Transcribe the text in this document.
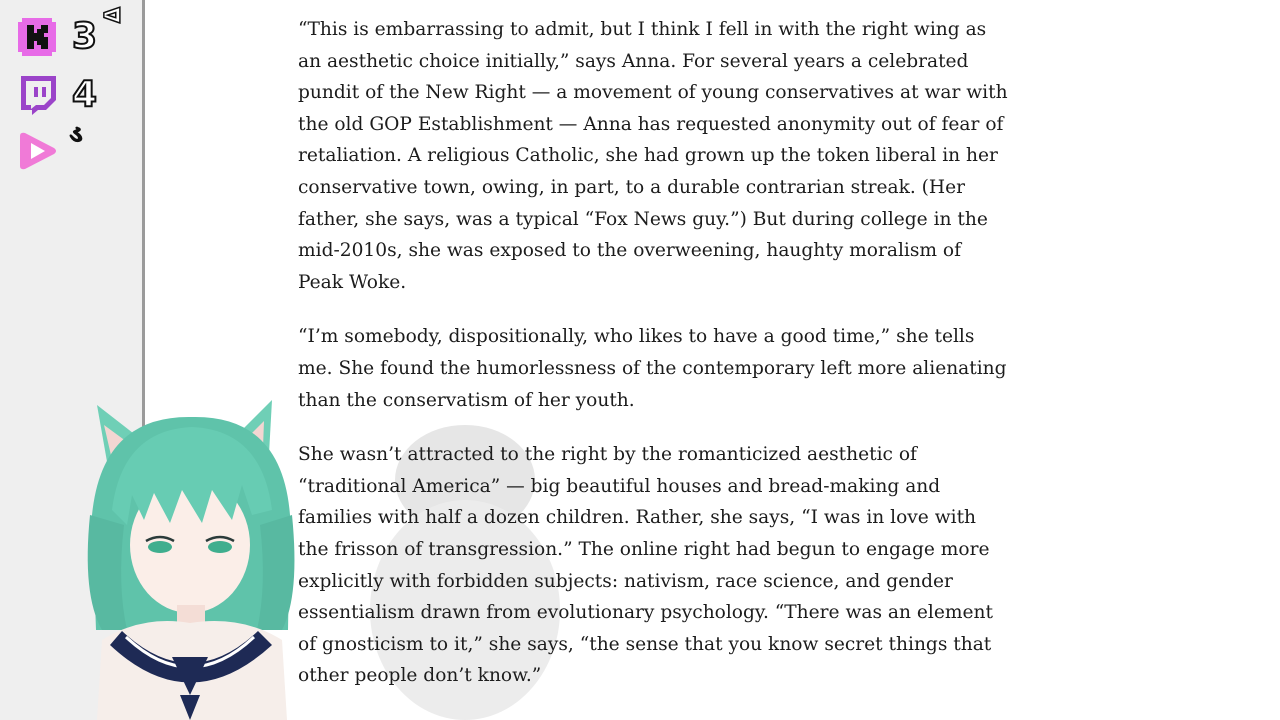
3 ᐊ
4
ડ

“This is embarrassing to admit, but I think I fell in with the right wing as an aesthetic choice initially,” says Anna. For several years a celebrated pundit of the New Right — a movement of young conservatives at war with the old GOP Establishment — Anna has requested anonymity out of fear of retaliation. A religious Catholic, she had grown up the token liberal in her conservative town, owing, in part, to a durable contrarian streak. (Her father, she says, was a typical “Fox News guy.”) But during college in the mid-2010s, she was exposed to the overweening, haughty moralism of Peak Woke.

“I’m somebody, dispositionally, who likes to have a good time,” she tells me. She found the humorlessness of the contemporary left more alienating than the conservatism of her youth.

She wasn’t attracted to the right by the romanticized aesthetic of “traditional America” — big beautiful houses and bread-making and families with half a dozen children. Rather, she says, “I was in love with the frisson of transgression.” The online right had begun to engage more explicitly with forbidden subjects: nativism, race science, and gender essentialism drawn from evolutionary psychology. “There was an element of gnosticism to it,” she says, “the sense that you know secret things that other people don’t know.”
